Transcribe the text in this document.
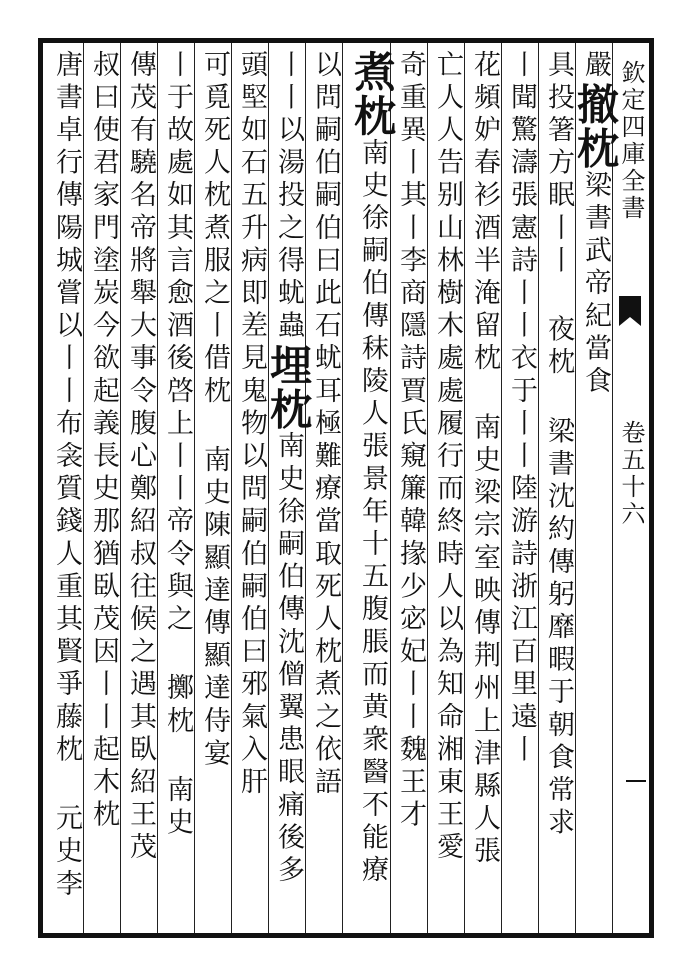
欽定四庫全書
卷五十六
嚴撤枕梁書武帝紀當食
具投箸方眠丨丨 夜枕 梁書沈約傳躬靡暇于朝食常求
丨聞驚濤張憲詩丨丨衣于丨丨陸游詩浙江百里遠丨
花頻妒春衫酒半淹留枕 南史梁宗室映傳荆州上津縣人張
亡人人告别山林樹木處處履行而終時人以為知命湘東王愛
奇重異丨其丨李商隱詩賈氏窺簾韓掾少宓妃丨丨魏王才
煮枕南史徐嗣伯傳秣陵人張景年十五腹脹而黄衆醫不能療
以問嗣伯嗣伯曰此石蚘耳極難療當取死人枕煮之依語
丨丨以湯投之得蚘蟲埋枕南史徐嗣伯傳沈僧翼患眼痛後多
頭堅如石五升病即差見鬼物以問嗣伯嗣伯曰邪氣入肝
可覓死人枕煮服之丨借枕 南史陳顯達傳顯達侍宴
丨于故處如其言愈酒後啓上丨丨帝令與之 擲枕 南史
傳茂有驍名帝將舉大事令腹心鄭紹叔往候之遇其臥紹王茂
叔曰使君家門塗炭今欲起義長史那猶臥茂因丨丨起木枕
唐書卓行傳陽城嘗以丨丨布衾質錢人重其賢爭藤枕 元史李
